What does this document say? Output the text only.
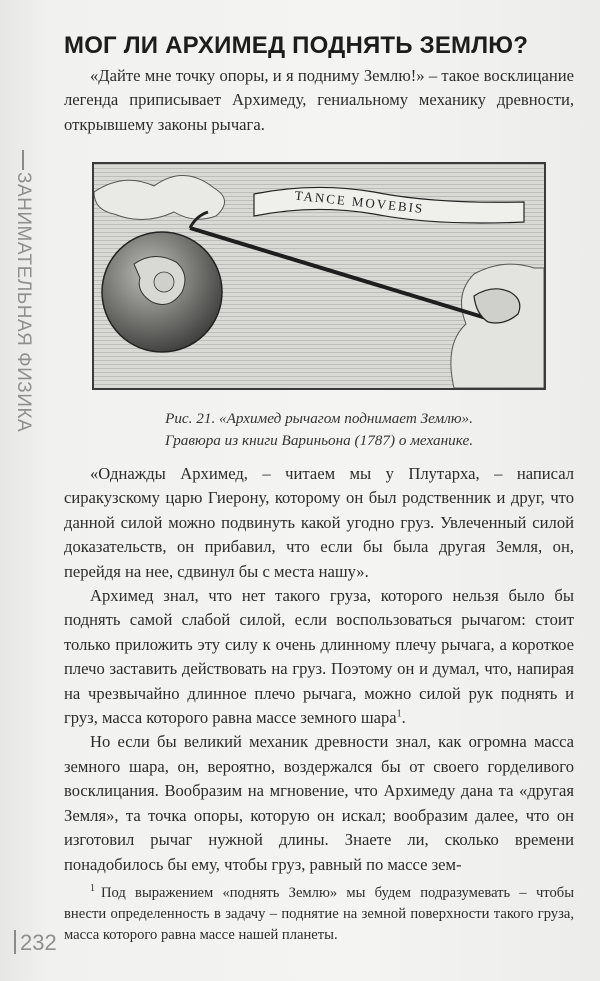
ЗАНИМАТЕЛЬНАЯ ФИЗИКА
232
МОГ ЛИ АРХИМЕД ПОДНЯТЬ ЗЕМЛЮ?

«Дайте мне точку опоры, и я подниму Землю!» – такое восклицание легенда приписывает Архимеду, гениальному механику древности, открывшему законы рычага.

TANCE MOVEBIS
Рис. 21. «Архимед рычагом поднимает Землю».
Гравюра из книги Вариньона (1787) о механике.

«Однажды Архимед, – читаем мы у Плутарха, – написал сиракузскому царю Гиерону, которому он был родственник и друг, что данной силой можно подвинуть какой угодно груз. Увлеченный силой доказательств, он прибавил, что если бы была другая Земля, он, перейдя на нее, сдвинул бы с места нашу».

Архимед знал, что нет такого груза, которого нельзя было бы поднять самой слабой силой, если воспользоваться рычагом: стоит только приложить эту силу к очень длинному плечу рычага, а короткое плечо заставить действовать на груз. Поэтому он и думал, что, напирая на чрезвычайно длинное плечо рычага, можно силой рук поднять и груз, масса которого равна массе земного шара$^1$.

Но если бы великий механик древности знал, как огромна масса земного шара, он, вероятно, воздержался бы от своего горделивого восклицания. Вообразим на мгновение, что Архимеду дана та «другая Земля», та точка опоры, которую он искал; вообразим далее, что он изготовил рычаг нужной длины. Знаете ли, сколько времени понадобилось бы ему, чтобы груз, равный по массе зем-

$^1$ Под выражением «поднять Землю» мы будем подразумевать – чтобы внести определенность в задачу – поднятие на земной поверхности такого груза, масса которого равна массе нашей планеты.
